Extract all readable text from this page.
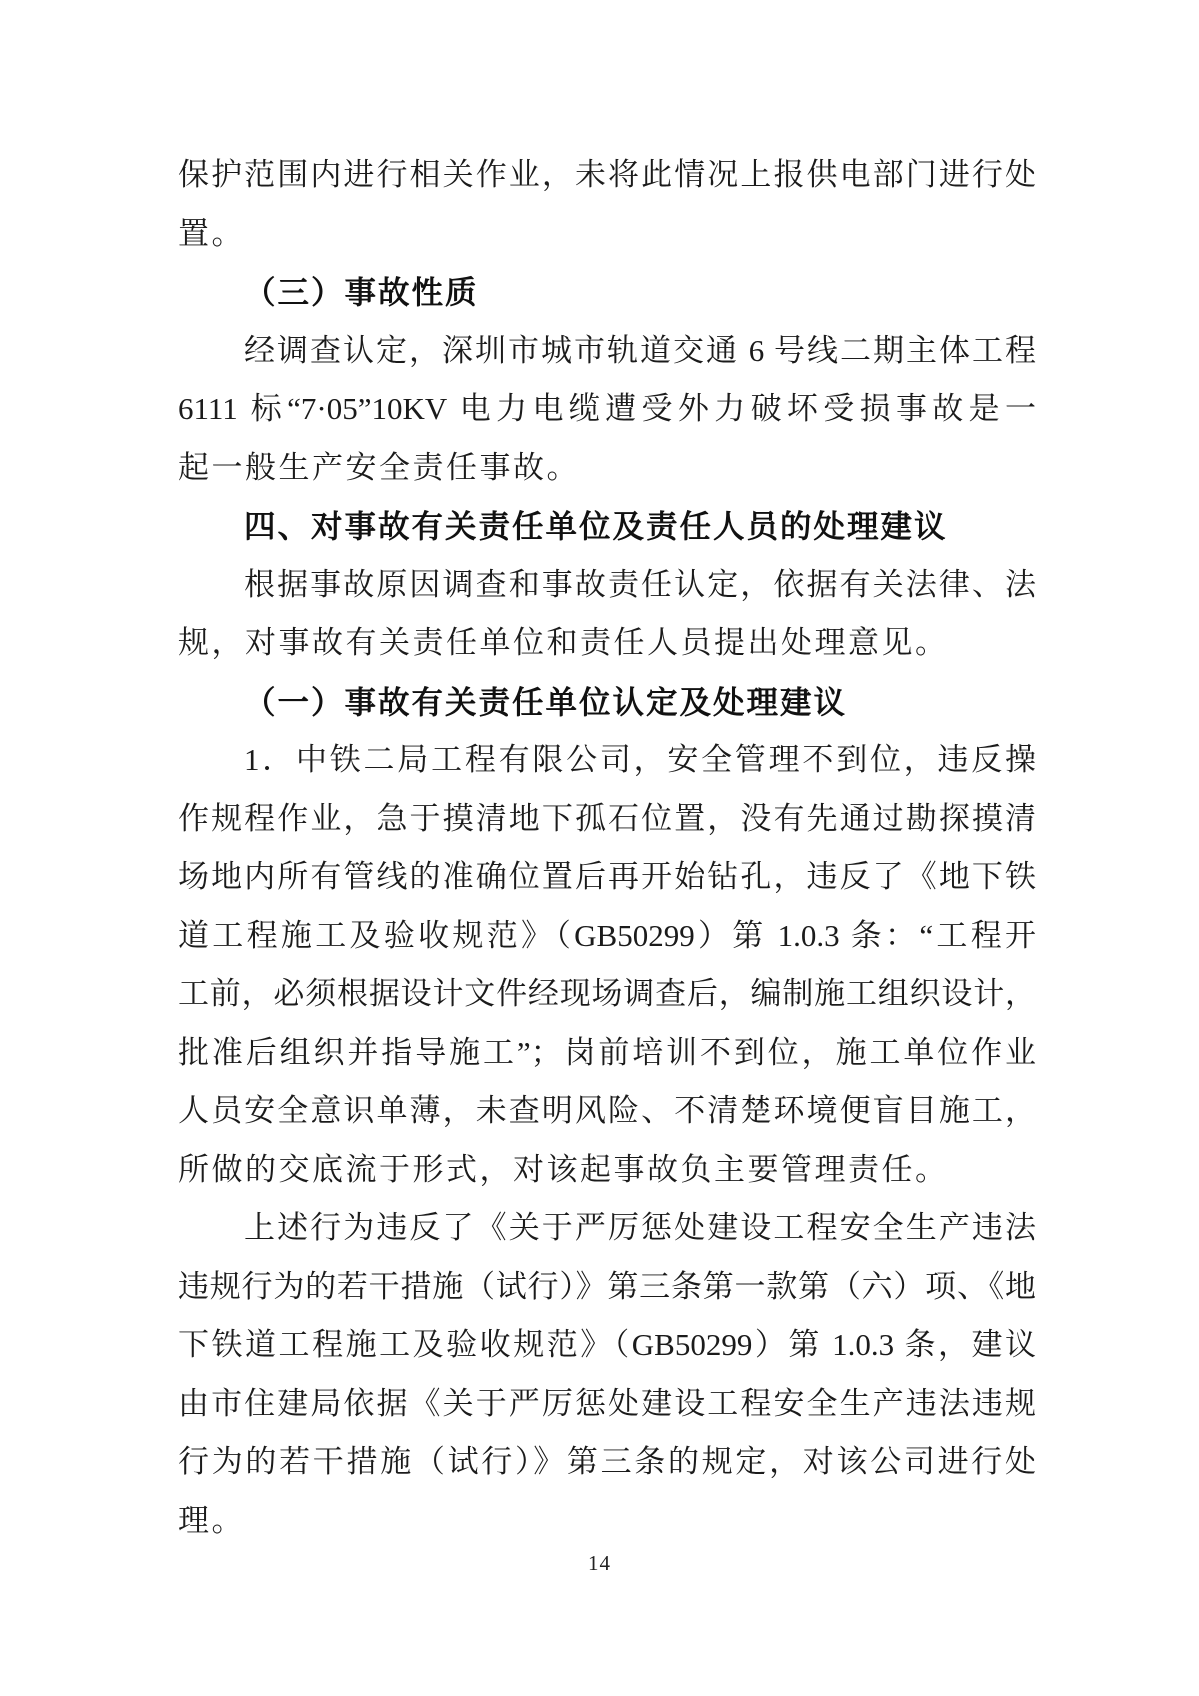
保护范围内进行相关作业，未将此情况上报供电部门进行处
置。
（三）事故性质
经调查认定，深圳市城市轨道交通 6 号线二期主体工程
6111 标“7·05”10KV 电力电缆遭受外力破坏受损事故是一
起一般生产安全责任事故。
四、对事故有关责任单位及责任人员的处理建议
根据事故原因调查和事故责任认定，依据有关法律、法
规，对事故有关责任单位和责任人员提出处理意见。
（一）事故有关责任单位认定及处理建议
1．中铁二局工程有限公司，安全管理不到位，违反操
作规程作业，急于摸清地下孤石位置，没有先通过勘探摸清
场地内所有管线的准确位置后再开始钻孔，违反了《地下铁
道工程施工及验收规范》（GB50299）第 1.0.3 条：“工程开
工前，必须根据设计文件经现场调查后，编制施工组织设计，
批准后组织并指导施工”；岗前培训不到位，施工单位作业
人员安全意识单薄，未查明风险、不清楚环境便盲目施工，
所做的交底流于形式，对该起事故负主要管理责任。
上述行为违反了《关于严厉惩处建设工程安全生产违法
违规行为的若干措施（试行）》第三条第一款第（六）项、《地
下铁道工程施工及验收规范》（GB50299）第 1.0.3 条，建议
由市住建局依据《关于严厉惩处建设工程安全生产违法违规
行为的若干措施（试行）》第三条的规定，对该公司进行处
理。
14
